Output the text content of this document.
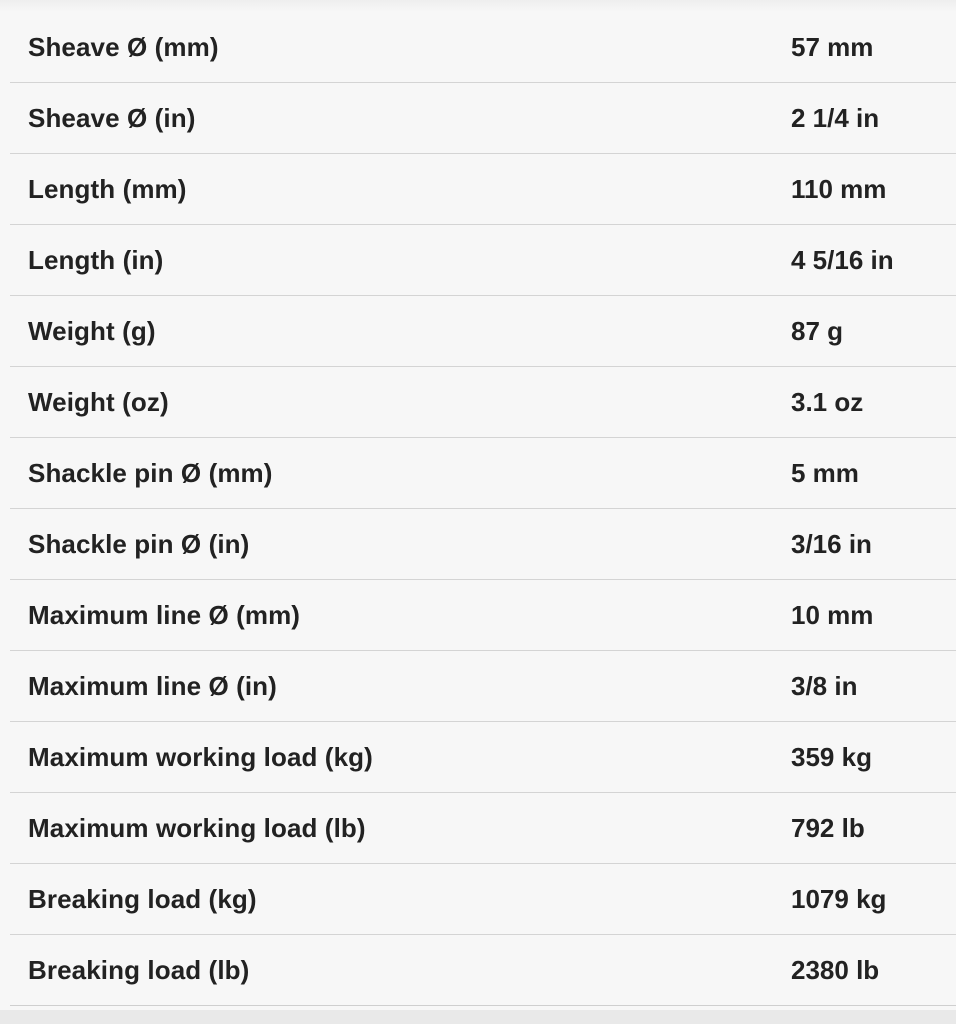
Sheave Ø (mm)	57 mm
Sheave Ø (in)	2 1/4 in
Length (mm)	110 mm
Length (in)	4 5/16 in
Weight (g)	87 g
Weight (oz)	3.1 oz
Shackle pin Ø (mm)	5 mm
Shackle pin Ø (in)	3/16 in
Maximum line Ø (mm)	10 mm
Maximum line Ø (in)	3/8 in
Maximum working load (kg)	359 kg
Maximum working load (lb)	792 lb
Breaking load (kg)	1079 kg
Breaking load (lb)	2380 lb
